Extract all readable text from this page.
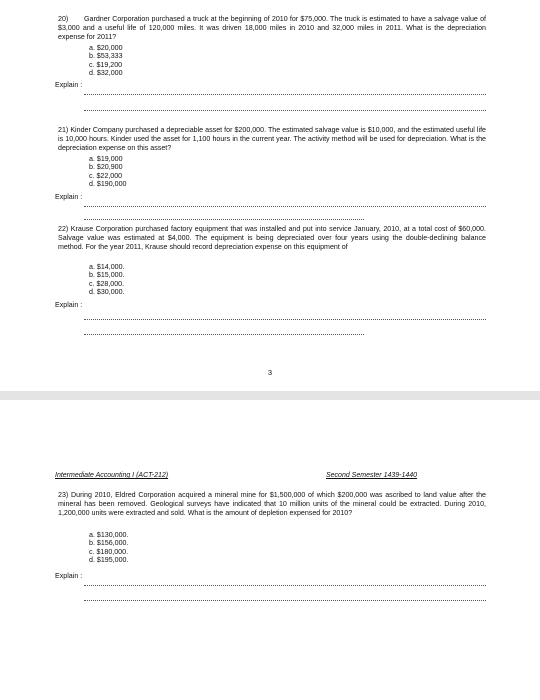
20) Gardner Corporation purchased a truck at the beginning of 2010 for $75,000. The truck is estimated to have a salvage value of $3,000 and a useful life of 120,000 miles. It was driven 18,000 miles in 2010 and 32,000 miles in 2011. What is the depreciation expense for 2011?
a. $20,000
b. $53,333
c. $19,200
d. $32,000
Explain :
21) Kinder Company purchased a depreciable asset for $200,000. The estimated salvage value is $10,000, and the estimated useful life is 10,000 hours. Kinder used the asset for 1,100 hours in the current year. The activity method will be used for depreciation. What is the depreciation expense on this asset?
a. $19,000
b. $20,900
c. $22,000
d. $190,000
Explain :
22) Krause Corporation purchased factory equipment that was installed and put into service January, 2010, at a total cost of $60,000. Salvage value was estimated at $4,000. The equipment is being depreciated over four years using the double-declining balance method. For the year 2011, Krause should record depreciation expense on this equipment of
a. $14,000.
b. $15,000.
c. $28,000.
d. $30,000.
Explain :
3
Intermediate Accounting I (ACT-212)	Second Semester 1439-1440
23) During 2010, Eldred Corporation acquired a mineral mine for $1,500,000 of which $200,000 was ascribed to land value after the mineral has been removed. Geological surveys have indicated that 10 million units of the mineral could be extracted. During 2010, 1,200,000 units were extracted and sold. What is the amount of depletion expensed for 2010?
a. $130,000.
b. $156,000.
c. $180,000.
d. $195,000.
Explain :
